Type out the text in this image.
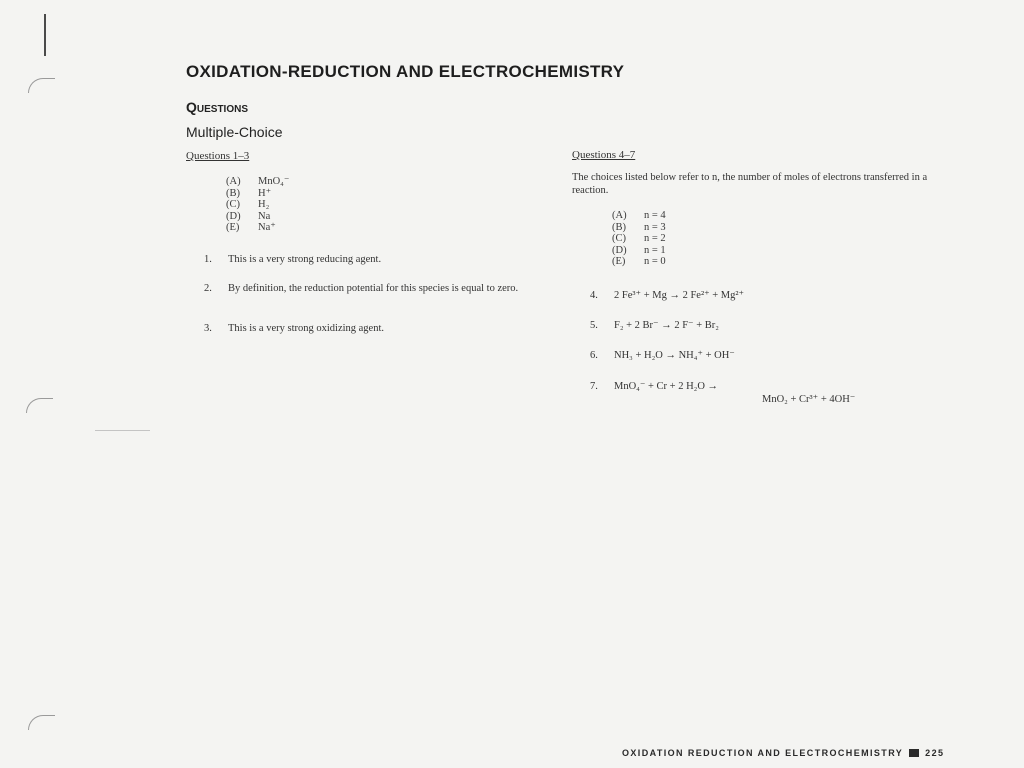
OXIDATION-REDUCTION AND ELECTROCHEMISTRY
Questions
Multiple-Choice
Questions 1–3
(A) MnO₄⁻
(B) H⁺
(C) H₂
(D) Na
(E) Na⁺
1. This is a very strong reducing agent.
2. By definition, the reduction potential for this species is equal to zero.
3. This is a very strong oxidizing agent.
Questions 4–7

The choices listed below refer to n, the number of moles of electrons transferred in a reaction.

(A) n = 4
(B) n = 3
(C) n = 2
(D) n = 1
(E) n = 0
4. 2 Fe³⁺ + Mg → 2 Fe²⁺ + Mg²⁺
5. F₂ + 2 Br⁻ → 2 F⁻ + Br₂
6. NH₃ + H₂O → NH₄⁺ + OH⁻
7. MnO₄⁻ + Cr + 2 H₂O →
MnO₂ + Cr³⁺ + 4OH⁻
OXIDATION REDUCTION AND ELECTROCHEMISTRY 225
